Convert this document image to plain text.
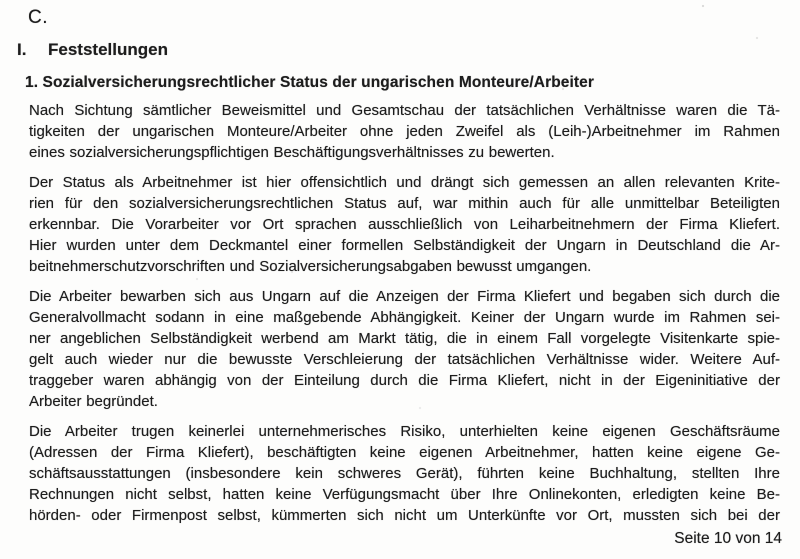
C.
I. Feststellungen
1. Sozialversicherungsrechtlicher Status der ungarischen Monteure/Arbeiter
Nach Sichtung sämtlicher Beweismittel und Gesamtschau der tatsächlichen Verhältnisse waren die Tä-
tigkeiten der ungarischen Monteure/Arbeiter ohne jeden Zweifel als (Leih-)Arbeitnehmer im Rahmen
eines sozialversicherungspflichtigen Beschäftigungsverhältnisses zu bewerten.
Der Status als Arbeitnehmer ist hier offensichtlich und drängt sich gemessen an allen relevanten Krite-
rien für den sozialversicherungsrechtlichen Status auf, war mithin auch für alle unmittelbar Beteiligten
erkennbar. Die Vorarbeiter vor Ort sprachen ausschließlich von Leiharbeitnehmern der Firma Kliefert.
Hier wurden unter dem Deckmantel einer formellen Selbständigkeit der Ungarn in Deutschland die Ar-
beitnehmerschutzvorschriften und Sozialversicherungsabgaben bewusst umgangen.
Die Arbeiter bewarben sich aus Ungarn auf die Anzeigen der Firma Kliefert und begaben sich durch die
Generalvollmacht sodann in eine maßgebende Abhängigkeit. Keiner der Ungarn wurde im Rahmen sei-
ner angeblichen Selbständigkeit werbend am Markt tätig, die in einem Fall vorgelegte Visitenkarte spie-
gelt auch wieder nur die bewusste Verschleierung der tatsächlichen Verhältnisse wider. Weitere Auf-
traggeber waren abhängig von der Einteilung durch die Firma Kliefert, nicht in der Eigeninitiative der
Arbeiter begründet.
Die Arbeiter trugen keinerlei unternehmerisches Risiko, unterhielten keine eigenen Geschäftsräume
(Adressen der Firma Kliefert), beschäftigten keine eigenen Arbeitnehmer, hatten keine eigene Ge-
schäftsausstattungen (insbesondere kein schweres Gerät), führten keine Buchhaltung, stellten Ihre
Rechnungen nicht selbst, hatten keine Verfügungsmacht über Ihre Onlinekonten, erledigten keine Be-
hörden- oder Firmenpost selbst, kümmerten sich nicht um Unterkünfte vor Ort, mussten sich bei der
Seite 10 von 14
